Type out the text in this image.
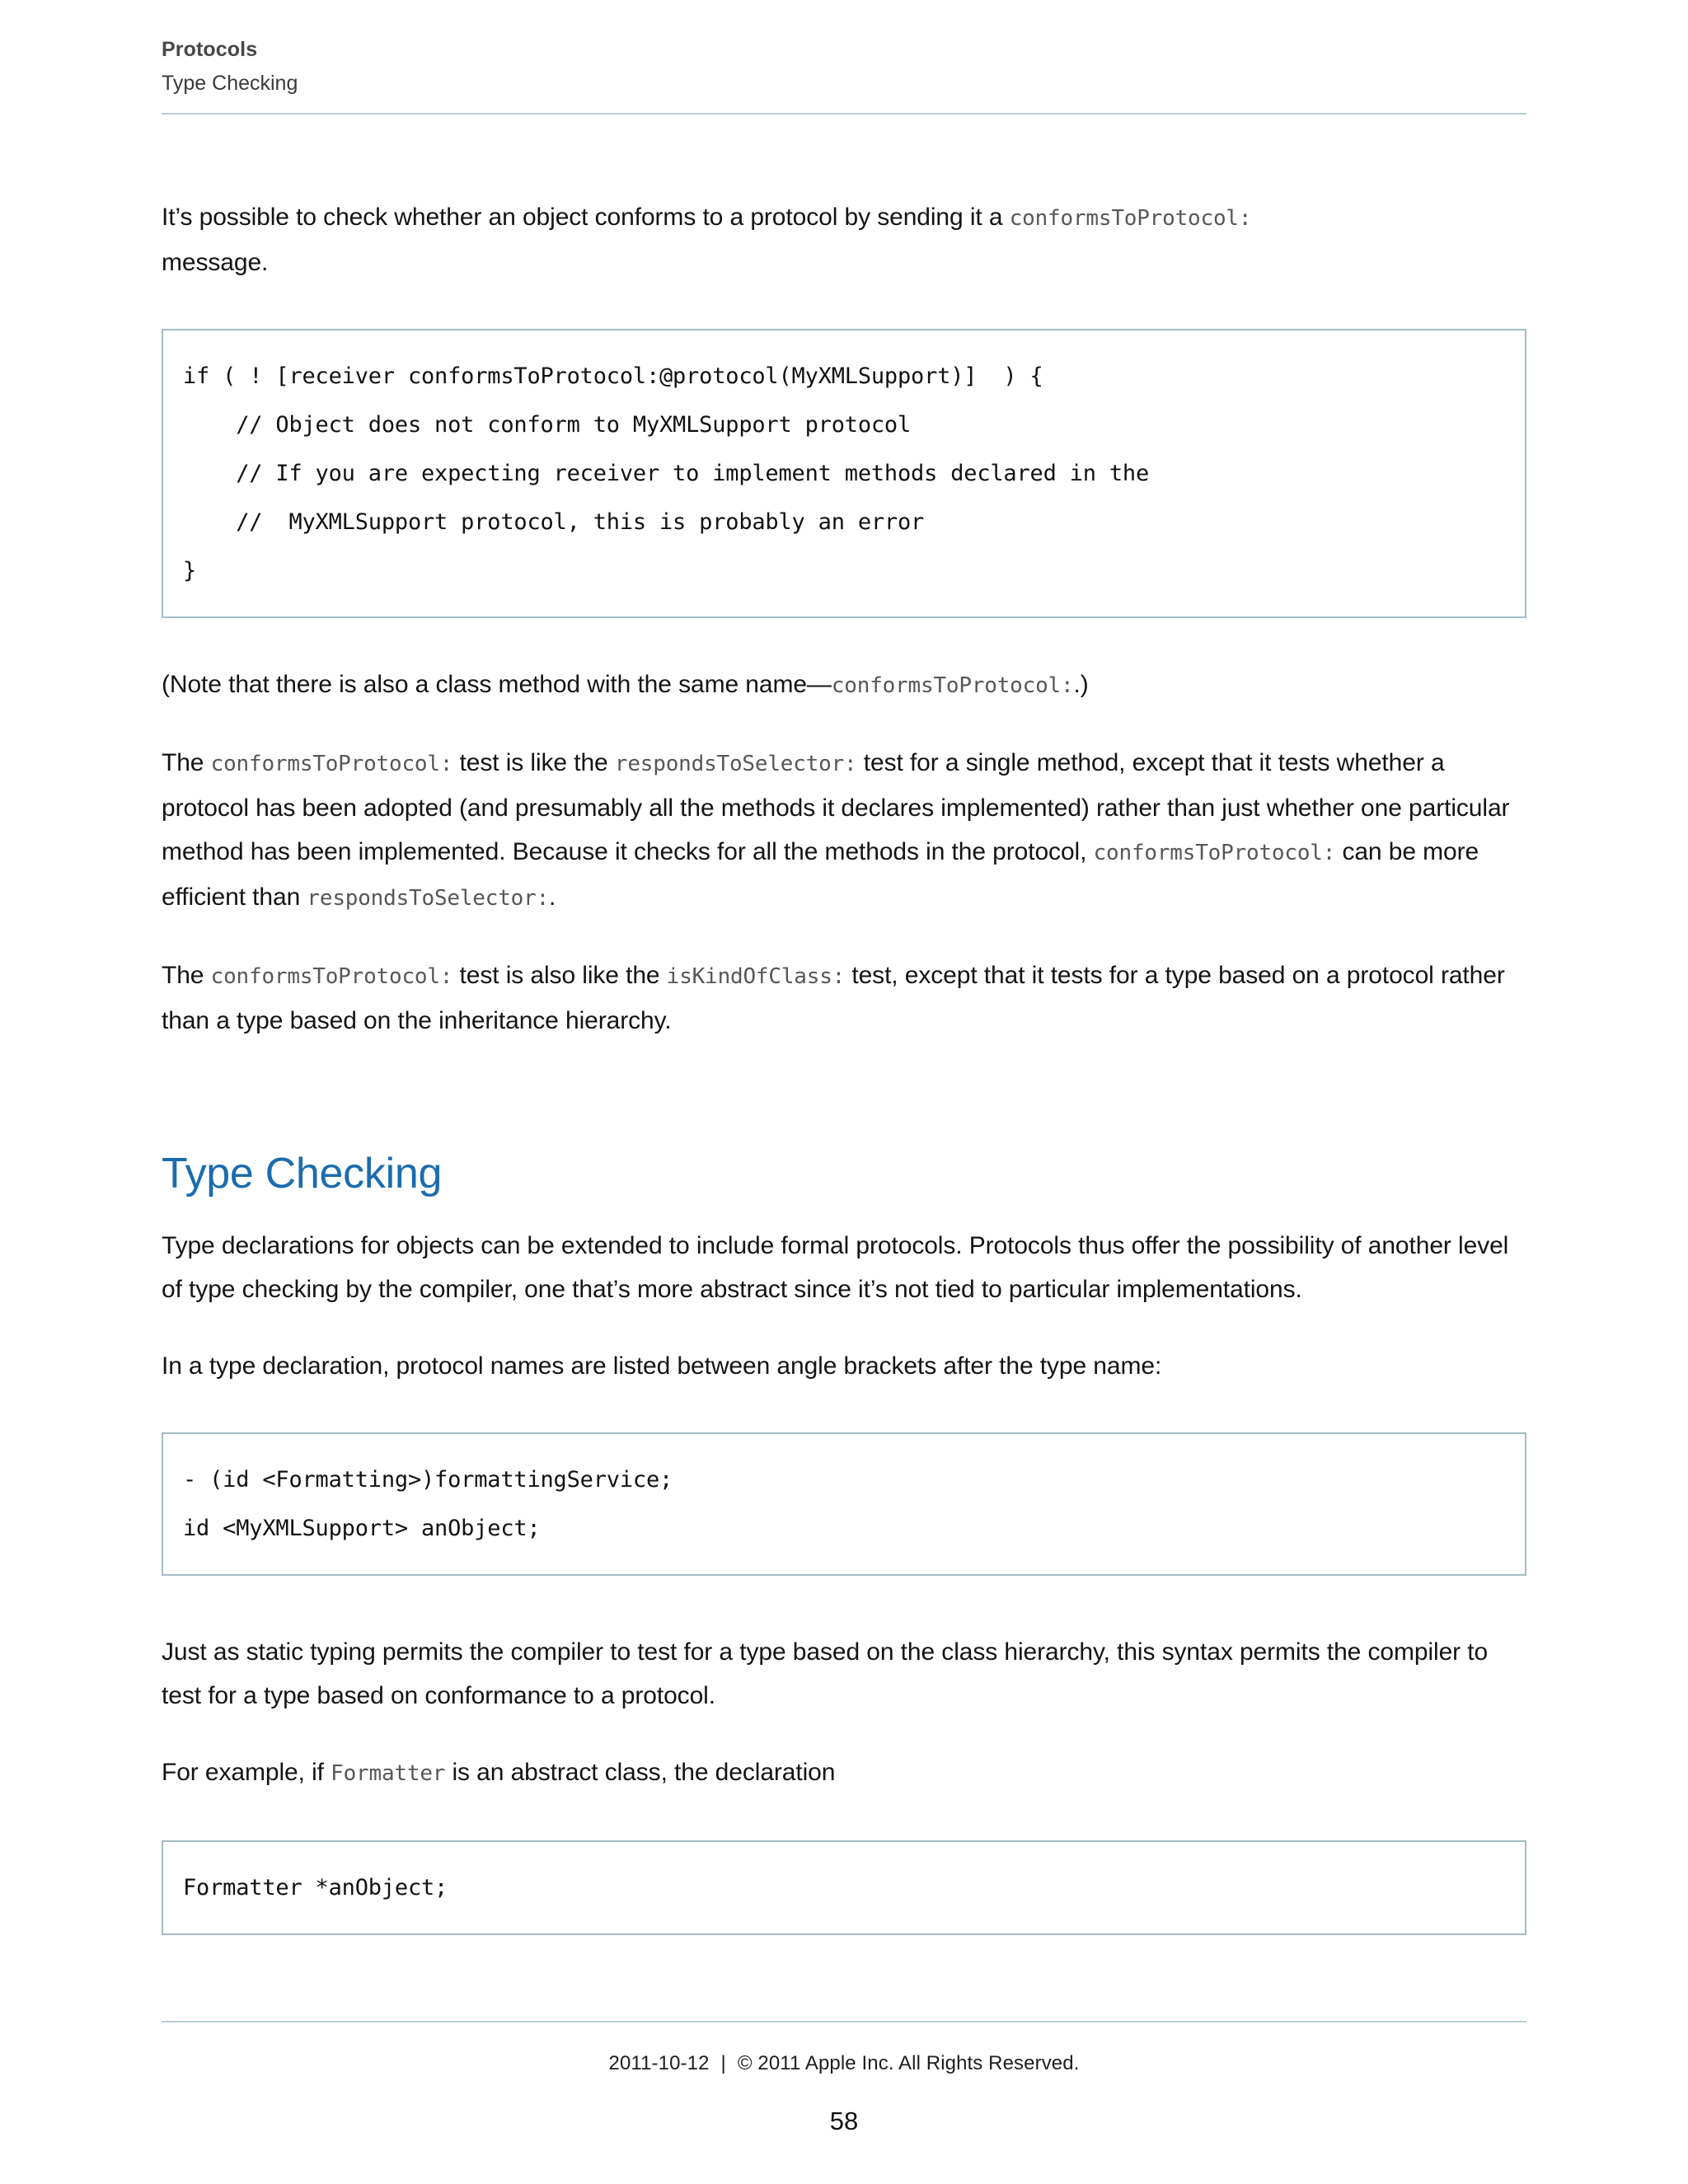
Protocols
Type Checking

It’s possible to check whether an object conforms to a protocol by sending it a conformsToProtocol:
message.

if ( ! [receiver conformsToProtocol:@protocol(MyXMLSupport)]  ) {
// Object does not conform to MyXMLSupport protocol
// If you are expecting receiver to implement methods declared in the
//  MyXMLSupport protocol, this is probably an error
}

(Note that there is also a class method with the same name—conformsToProtocol:.)

The conformsToProtocol: test is like the respondsToSelector: test for a single method, except that it tests whether a protocol has been adopted (and presumably all the methods it declares implemented) rather than just whether one particular method has been implemented. Because it checks for all the methods in the protocol, conformsToProtocol: can be more efficient than respondsToSelector:.

The conformsToProtocol: test is also like the isKindOfClass: test, except that it tests for a type based on a protocol rather than a type based on the inheritance hierarchy.

Type Checking

Type declarations for objects can be extended to include formal protocols. Protocols thus offer the possibility of another level of type checking by the compiler, one that’s more abstract since it’s not tied to particular implementations.

In a type declaration, protocol names are listed between angle brackets after the type name:

- (id <Formatting>)formattingService;
id <MyXMLSupport> anObject;

Just as static typing permits the compiler to test for a type based on the class hierarchy, this syntax permits the compiler to test for a type based on conformance to a protocol.

For example, if Formatter is an abstract class, the declaration

Formatter *anObject;
2011-10-12 | © 2011 Apple Inc. All Rights Reserved.
58
